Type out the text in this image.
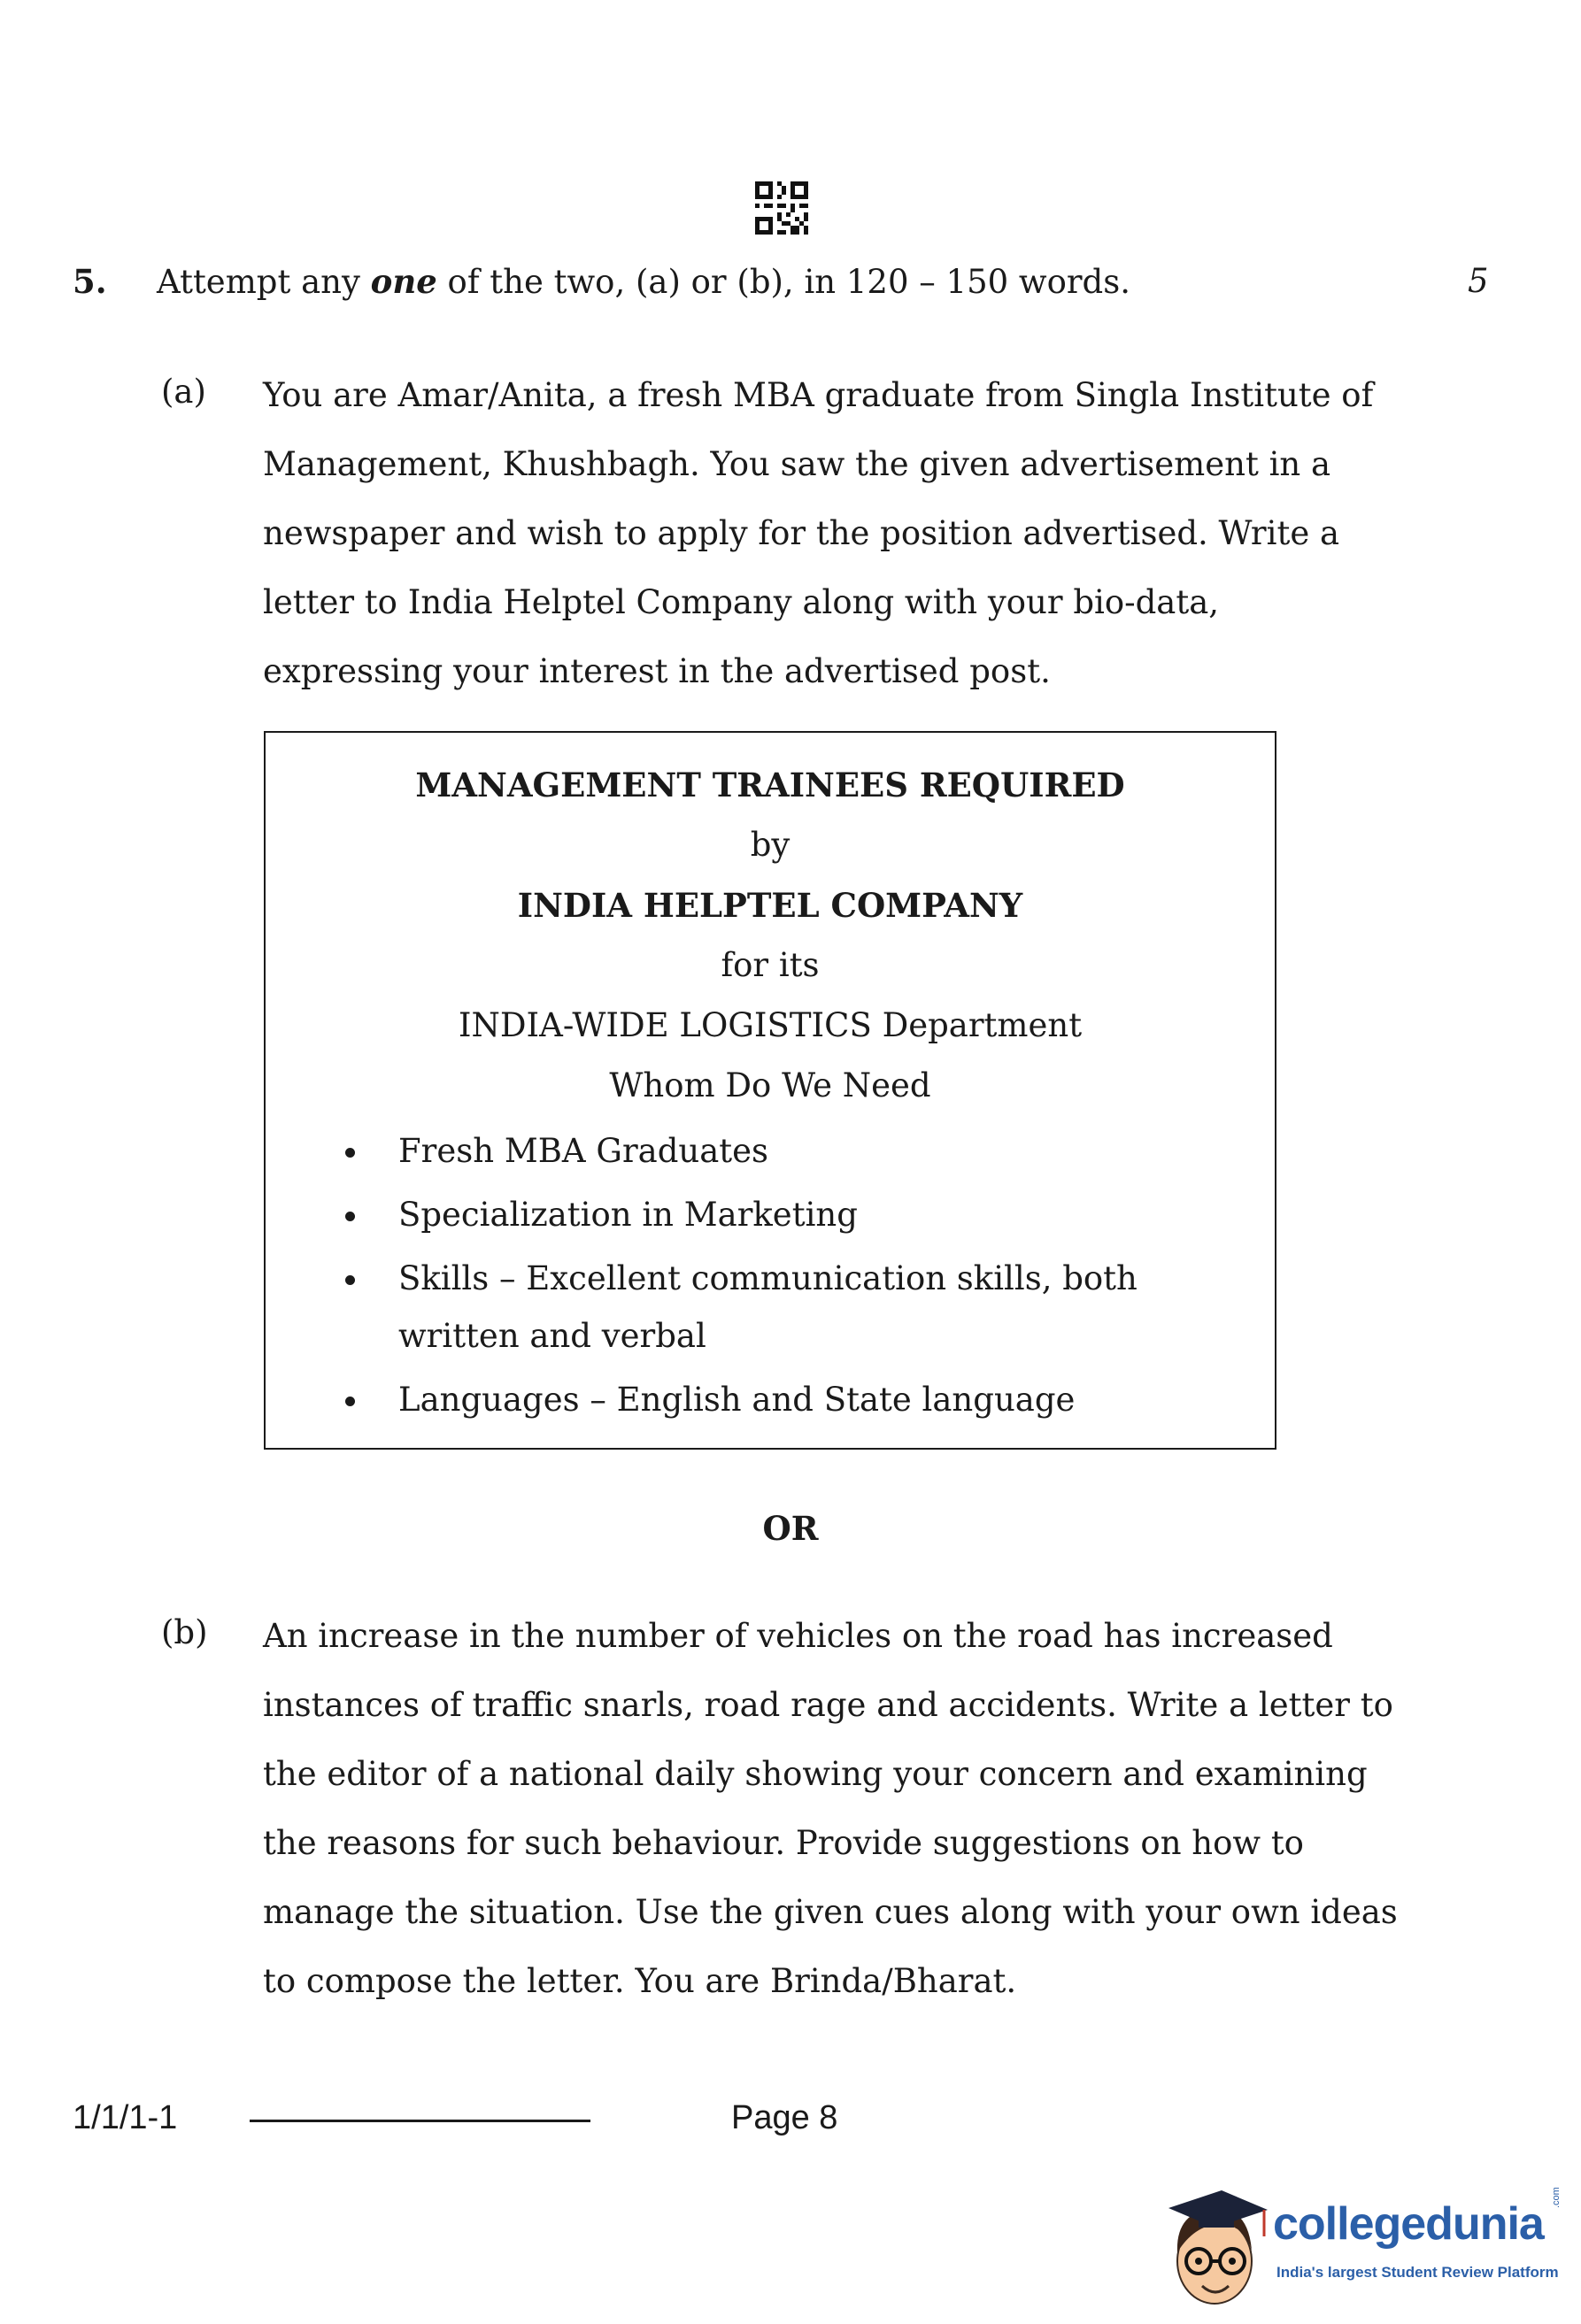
5. Attempt any one of the two, (a) or (b), in 120 – 150 words.	5
(a) You are Amar/Anita, a fresh MBA graduate from Singla Institute of
Management, Khushbagh. You saw the given advertisement in a
newspaper and wish to apply for the position advertised. Write a
letter to India Helptel Company along with your bio-data,
expressing your interest in the advertised post.
MANAGEMENT TRAINEES REQUIRED
by
INDIA HELPTEL COMPANY
for its
INDIA-WIDE LOGISTICS Department
Whom Do We Need
Fresh MBA Graduates
Specialization in Marketing
Skills – Excellent communication skills, both written and verbal
Languages – English and State language
OR
(b) An increase in the number of vehicles on the road has increased
instances of traffic snarls, road rage and accidents. Write a letter to
the editor of a national daily showing your concern and examining
the reasons for such behaviour. Provide suggestions on how to
manage the situation. Use the given cues along with your own ideas
to compose the letter. You are Brinda/Bharat.
1/1/1-1	Page 8
collegedunia
.com
India's largest Student Review Platform
